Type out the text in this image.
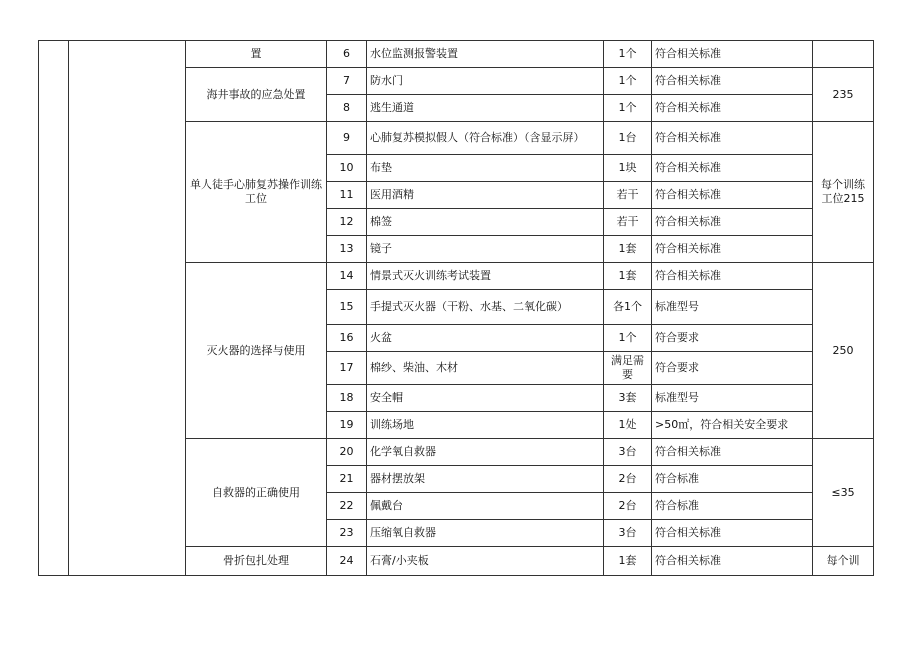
		置	6	水位监测报警装置	1个	符合相关标准	
		海井事故的应急处置	7	防水门	1个	符合相关标准	235
			8	逃生通道	1个	符合相关标准	
		单人徒手心肺复苏操作训练工位	9	心肺复苏模拟假人（符合标准）（含显示屏）	1台	符合相关标准	每个训练工位215
			10	布垫	1块	符合相关标准	
			11	医用酒精	若干	符合相关标准	
			12	棉签	若干	符合相关标准	
			13	镜子	1套	符合相关标准	
		灭火器的选择与使用	14	情景式灭火训练考试装置	1套	符合相关标准	250
			15	手提式灭火器（干粉、水基、二氧化碳）	各1个	标准型号	
			16	火盆	1个	符合要求	
			17	棉纱、柴油、木材	满足需要	符合要求	
			18	安全帽	3套	标准型号	
			19	训练场地	1处	>50㎡，符合相关安全要求	
		自救器的正确使用	20	化学氧自救器	3台	符合相关标准	≤35
			21	器材摆放架	2台	符合标准	
			22	佩戴台	2台	符合标准	
			23	压缩氧自救器	3台	符合相关标准	
		骨折包扎处理	24	石膏/小夹板	1套	符合相关标准	每个训
